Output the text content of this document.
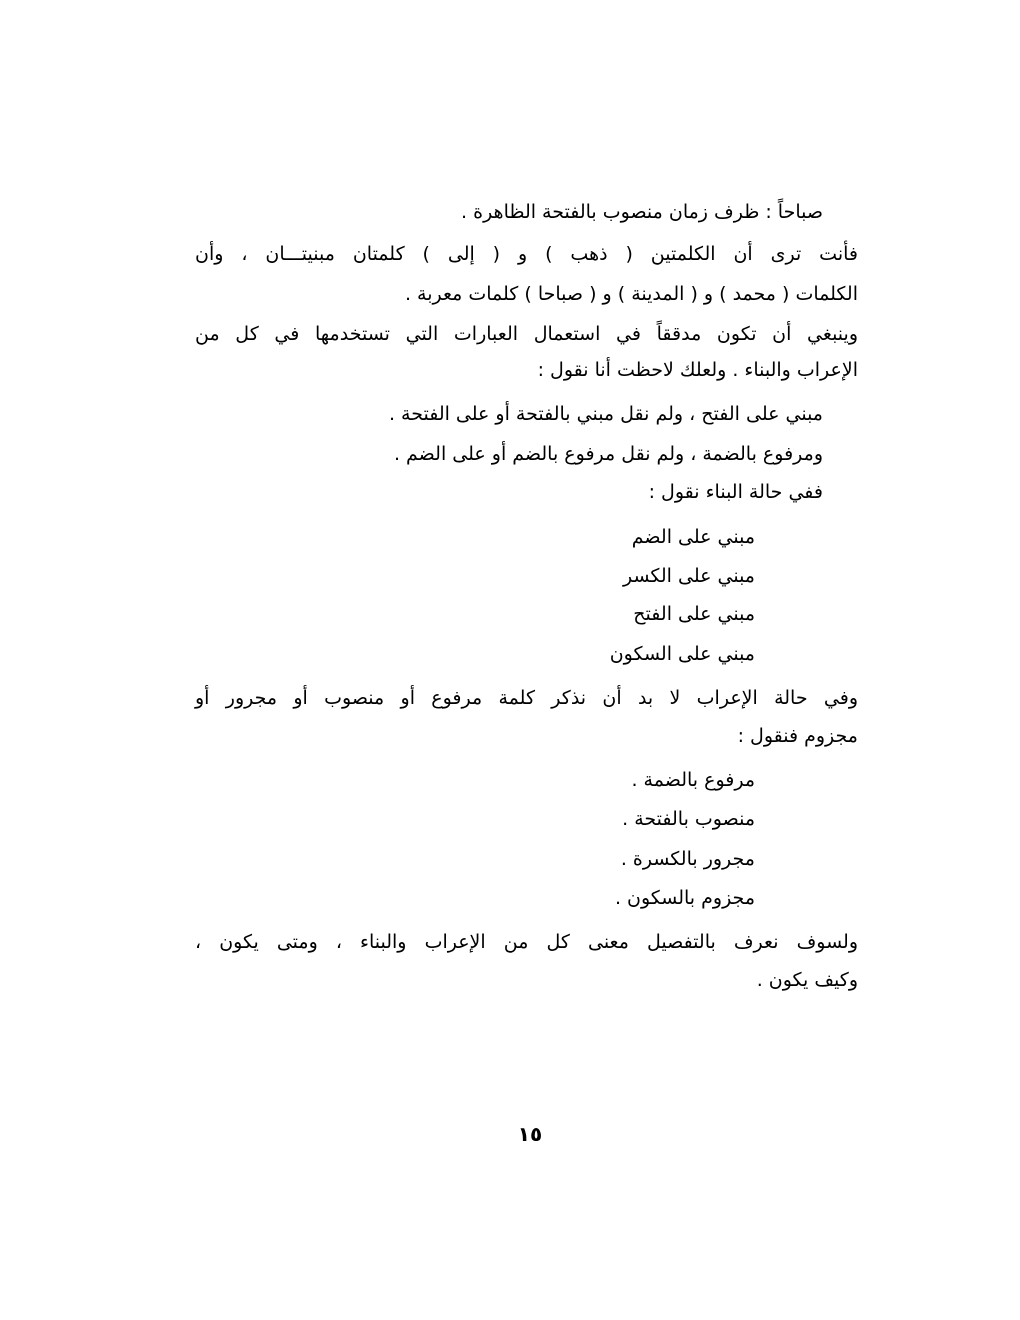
صباحاً : ظرف زمان منصوب بالفتحة الظاهرة .
فأنت ترى أن الكلمتين ( ذهب ) و ( إلى ) كلمتان مبنيتـــان ، وأن
الكلمات ( محمد ) و ( المدينة ) و ( صباحا ) كلمات معربة .
وينبغي أن تكون مدققاً في استعمال العبارات التي تستخدمها في كل من
الإعراب والبناء . ولعلك لاحظت أنا نقول :
مبني على الفتح ، ولم نقل مبني بالفتحة أو على الفتحة .
ومرفوع بالضمة ، ولم نقل مرفوع بالضم أو على الضم .
ففي حالة البناء نقول :
مبني على الضم
مبني على الكسر
مبني على الفتح
مبني على السكون
وفي حالة الإعراب لا بد أن نذكر كلمة مرفوع أو منصوب أو مجرور أو
مجزوم فنقول :
مرفوع بالضمة .
منصوب بالفتحة .
مجرور بالكسرة .
مجزوم بالسكون .
ولسوف نعرف بالتفصيل معنى كل من الإعراب والبناء ، ومتى يكون ،
وكيف يكون .
١٥
